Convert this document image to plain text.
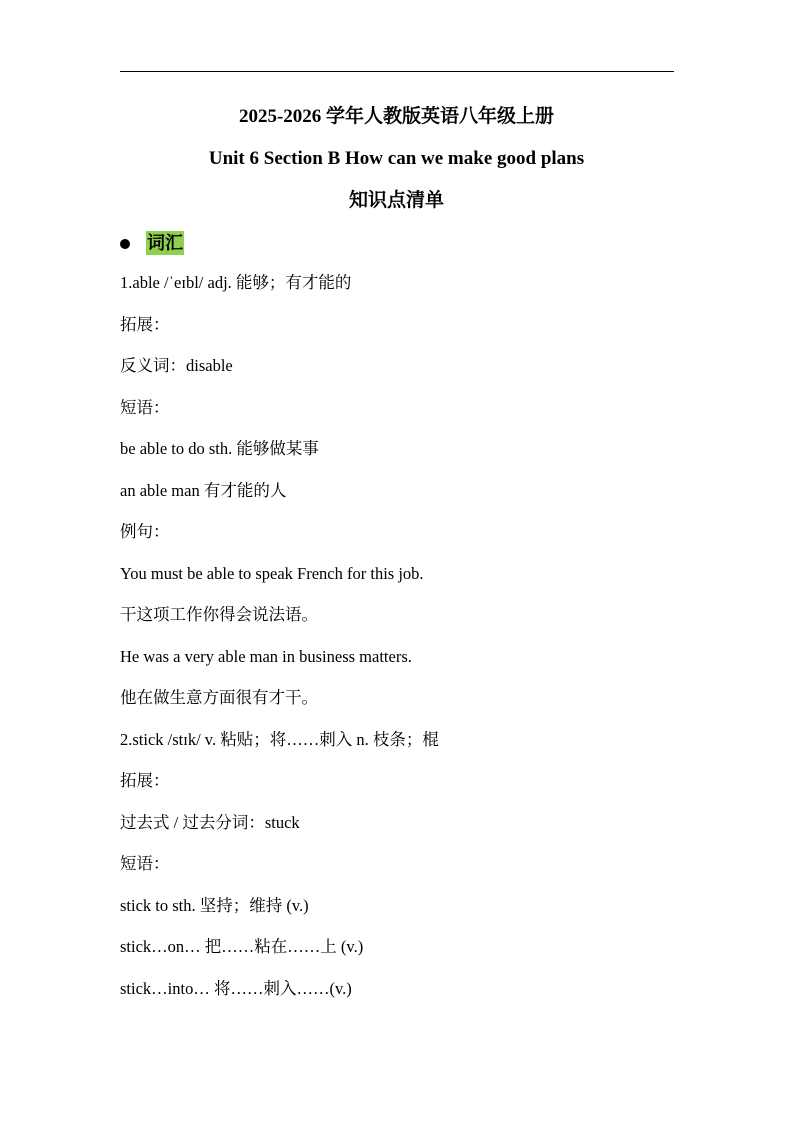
2025-2026 学年人教版英语八年级上册
Unit 6 Section B How can we make good plans
知识点清单
词汇
1.able /ˈeɪbl/ adj. 能够；有才能的
拓展：
反义词：disable
短语：
be able to do sth. 能够做某事
an able man 有才能的人
例句：
You must be able to speak French for this job.
干这项工作你得会说法语。
He was a very able man in business matters.
他在做生意方面很有才干。
2.stick /stɪk/ v. 粘贴；将……刺入 n. 枝条；棍
拓展：
过去式 / 过去分词：stuck
短语：
stick to sth. 坚持；维持 (v.)
stick…on… 把……粘在……上 (v.)
stick…into… 将……刺入……(v.)
